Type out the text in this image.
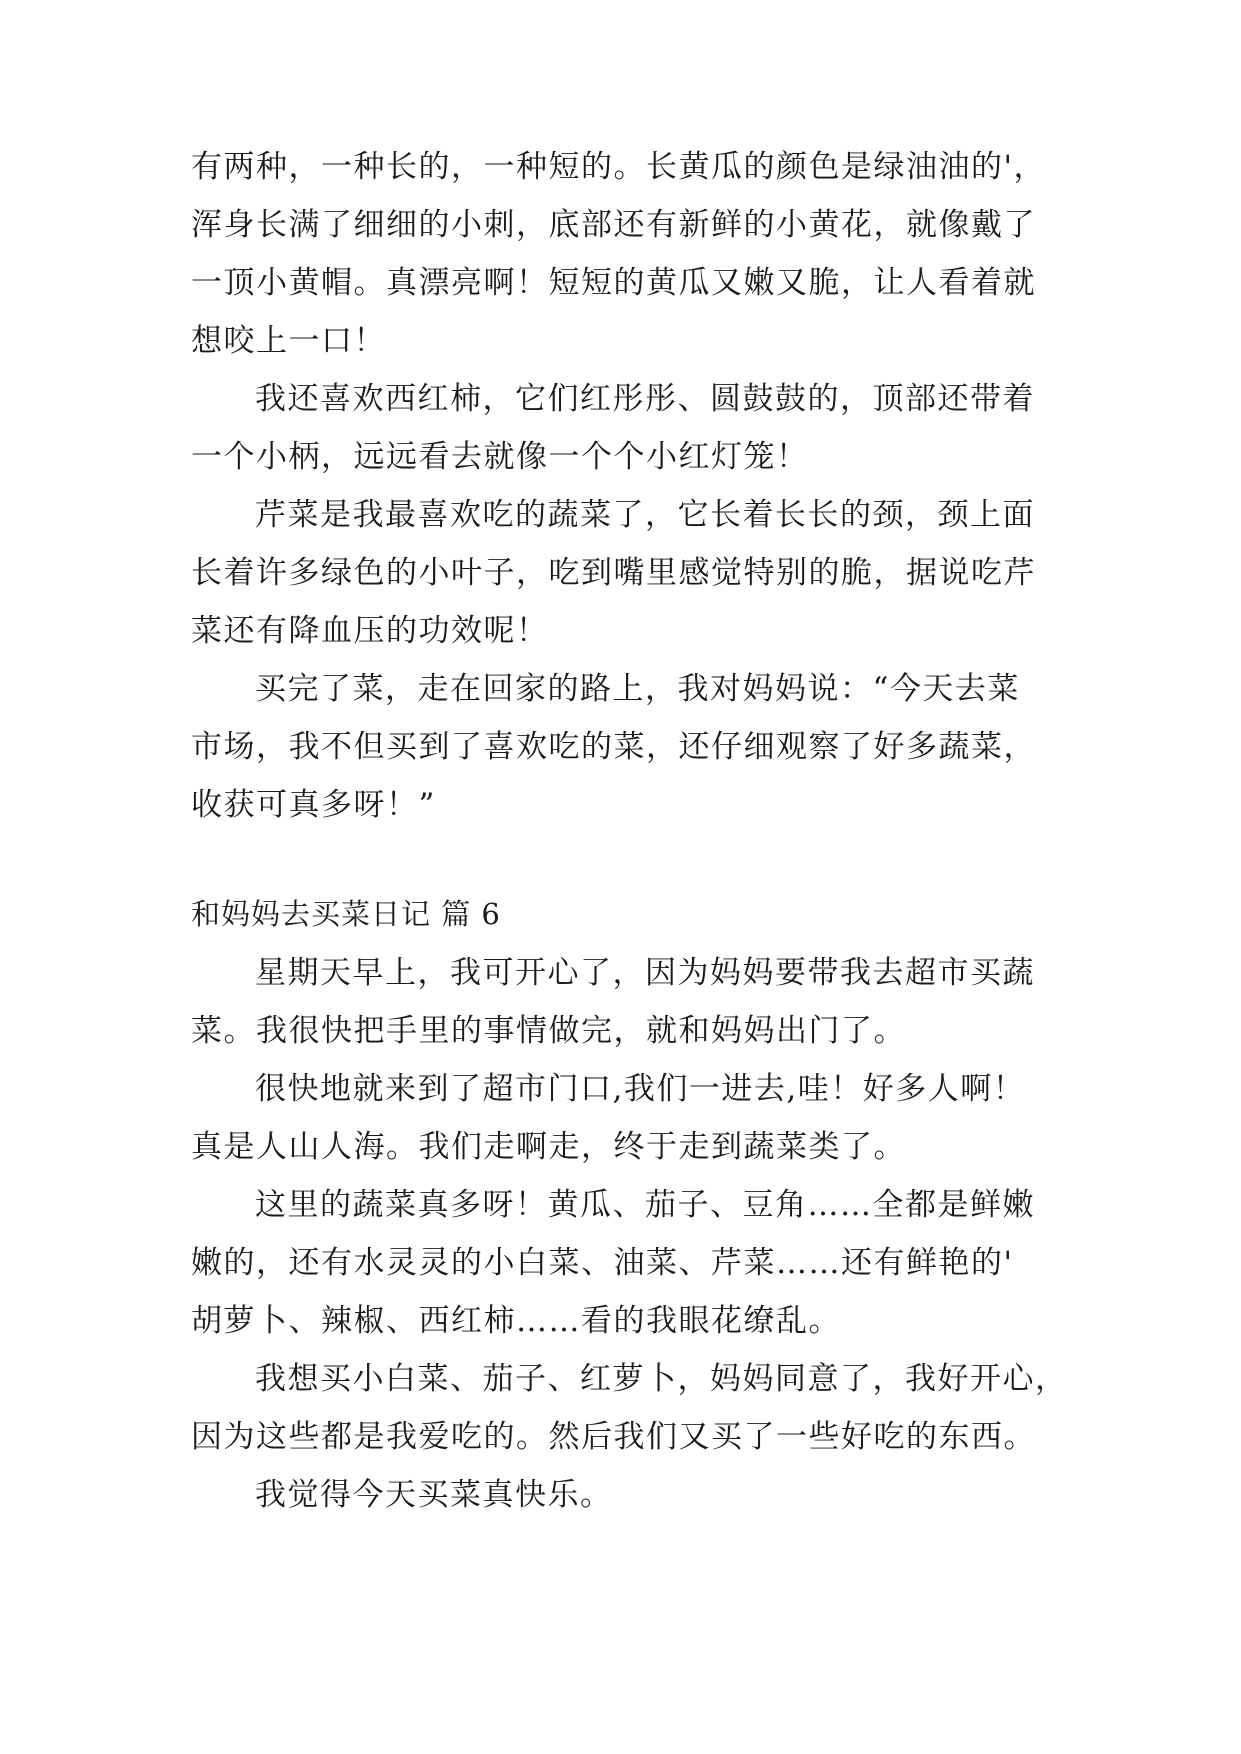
有两种，一种长的，一种短的。长黄瓜的颜色是绿油油的'，
浑身长满了细细的小刺，底部还有新鲜的小黄花，就像戴了
一顶小黄帽。真漂亮啊！短短的黄瓜又嫩又脆，让人看着就
想咬上一口！
我还喜欢西红柿，它们红彤彤、圆鼓鼓的，顶部还带着
一个小柄，远远看去就像一个个小红灯笼！
芹菜是我最喜欢吃的蔬菜了，它长着长长的颈，颈上面
长着许多绿色的小叶子，吃到嘴里感觉特别的脆，据说吃芹
菜还有降血压的功效呢！
买完了菜，走在回家的路上，我对妈妈说：“今天去菜
市场，我不但买到了喜欢吃的菜，还仔细观察了好多蔬菜，
收获可真多呀！”
和妈妈去买菜日记 篇 6
星期天早上，我可开心了，因为妈妈要带我去超市买蔬
菜。我很快把手里的事情做完，就和妈妈出门了。
很快地就来到了超市门口,我们一进去,哇！好多人啊！
真是人山人海。我们走啊走，终于走到蔬菜类了。
这里的蔬菜真多呀！黄瓜、茄子、豆角……全都是鲜嫩
嫩的，还有水灵灵的小白菜、油菜、芹菜……还有鲜艳的'
胡萝卜、辣椒、西红柿……看的我眼花缭乱。
我想买小白菜、茄子、红萝卜，妈妈同意了，我好开心，
因为这些都是我爱吃的。然后我们又买了一些好吃的东西。
我觉得今天买菜真快乐。
